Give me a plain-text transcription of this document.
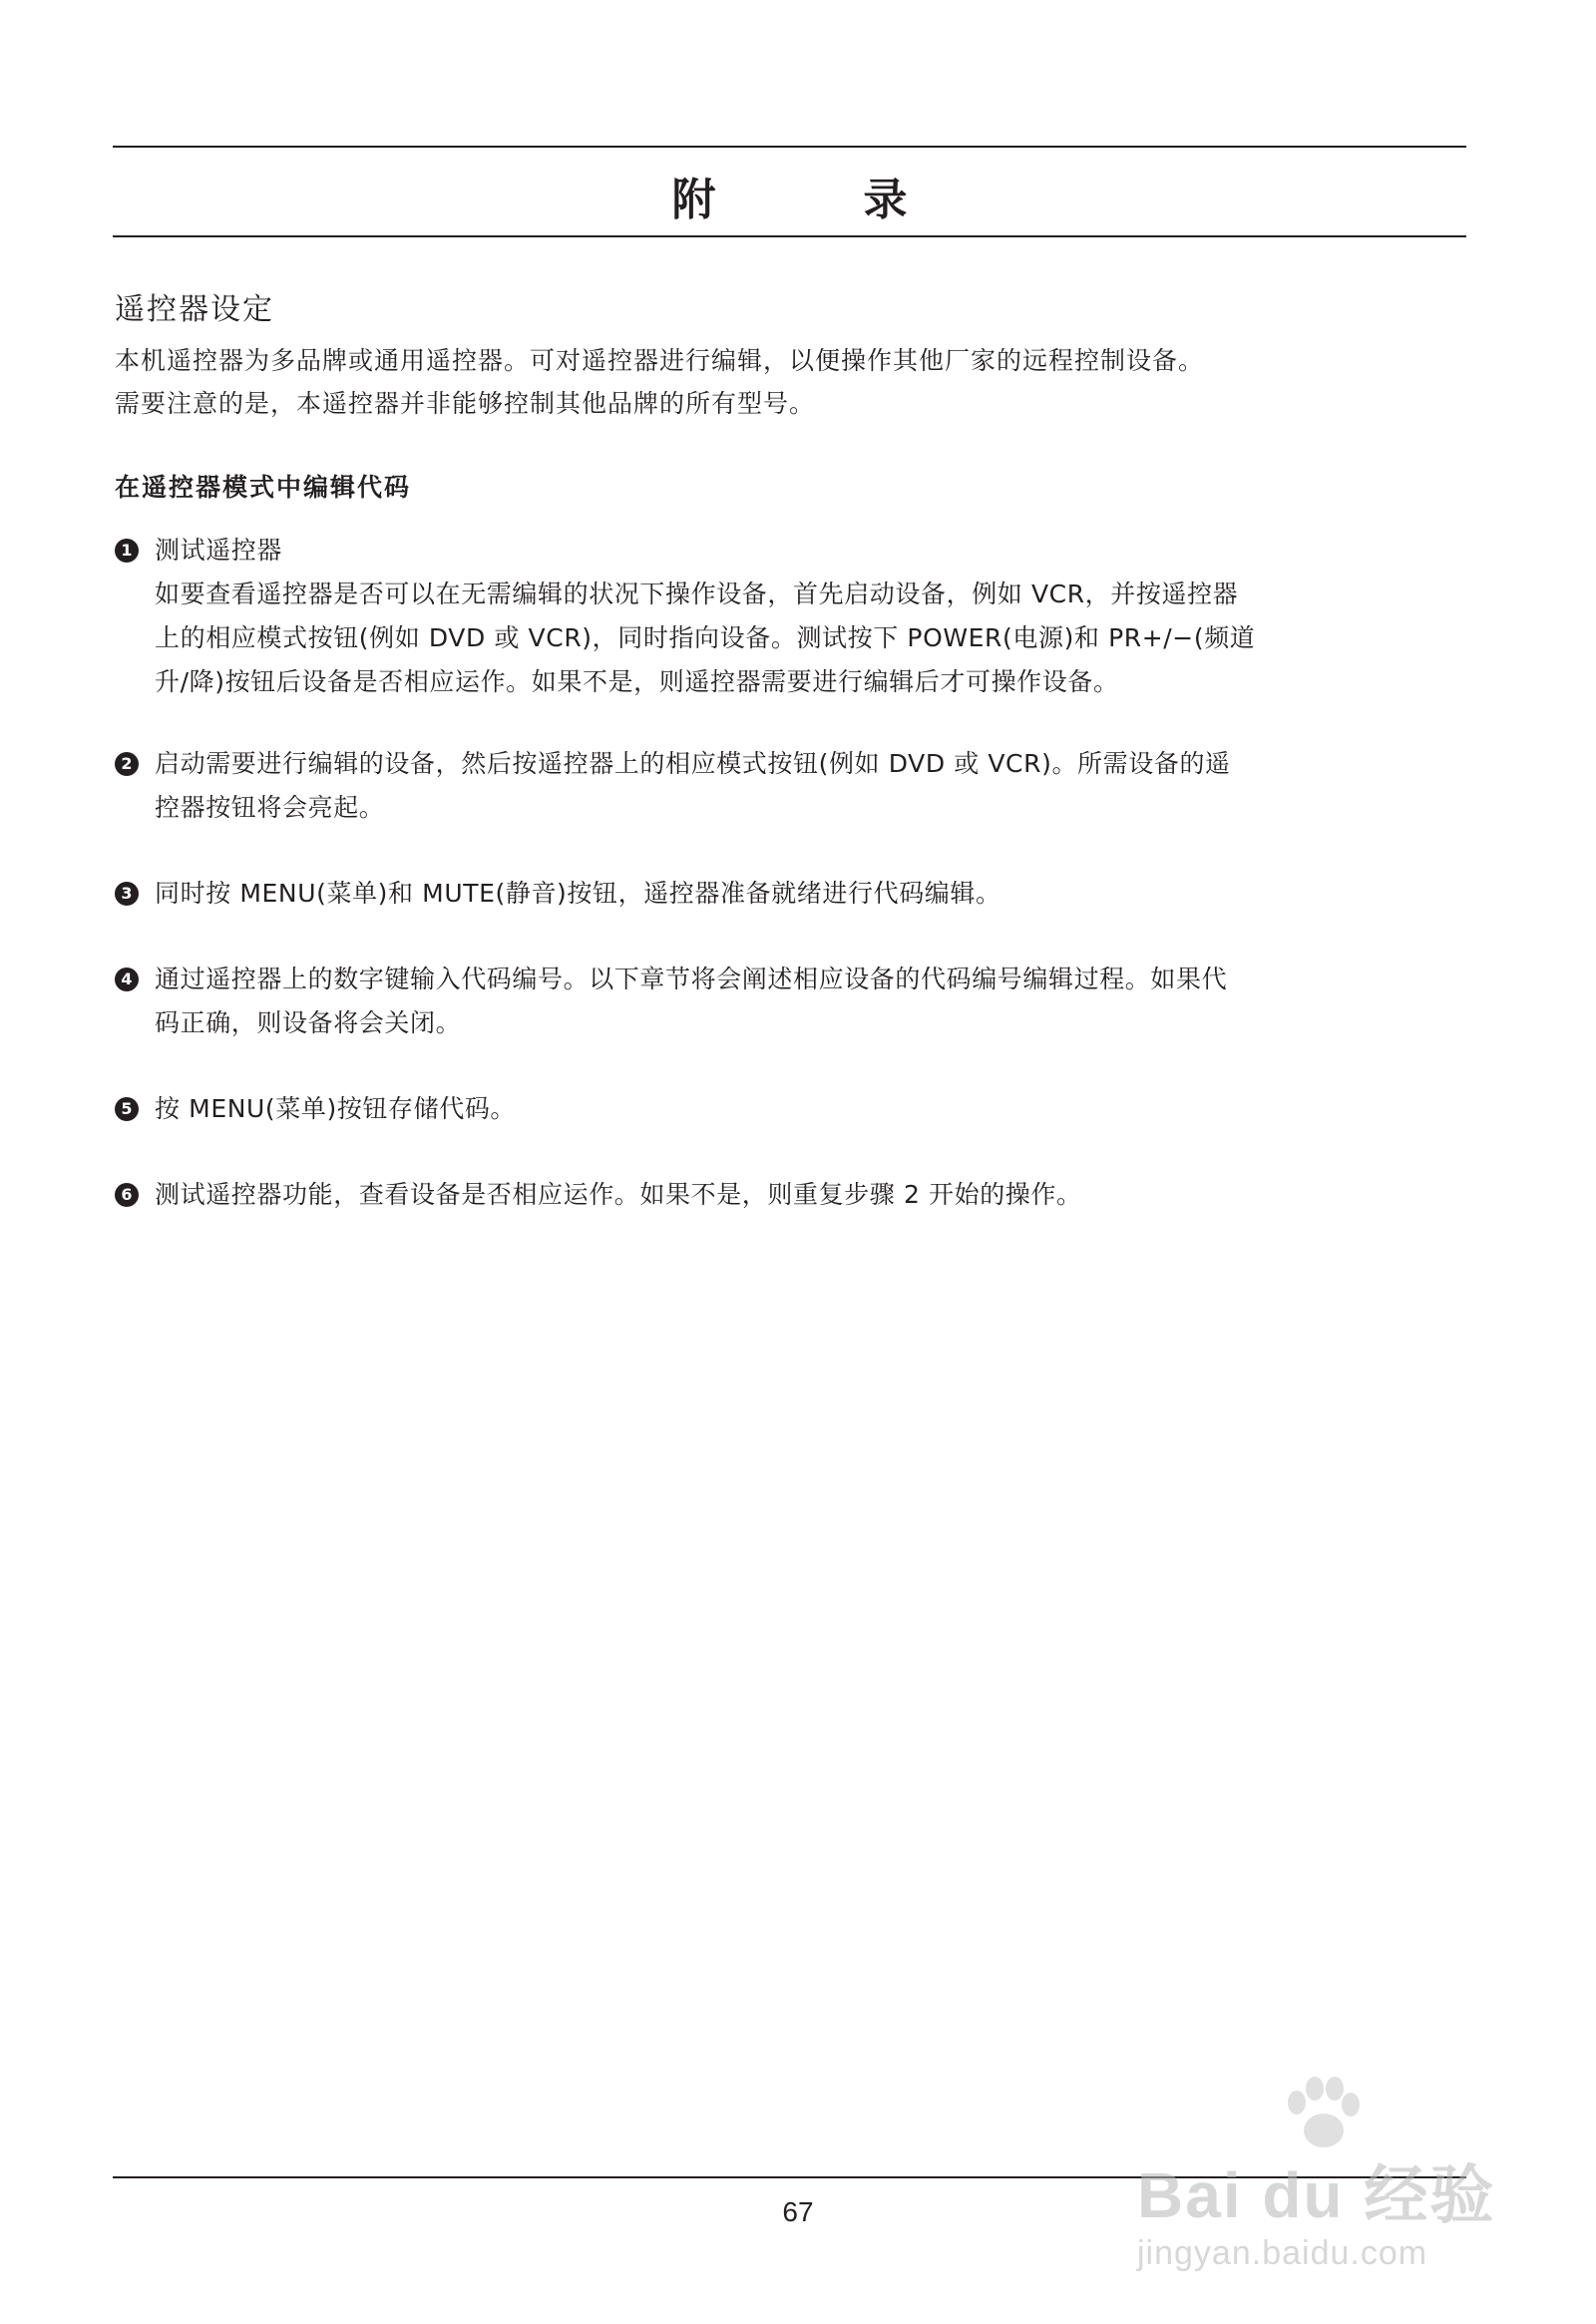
附　录
遥控器设定

本机遥控器为多品牌或通用遥控器。可对遥控器进行编辑，以便操作其他厂家的远程控制设备。

需要注意的是，本遥控器并非能够控制其他品牌的所有型号。

在遥控器模式中编辑代码
1 测试遥控器

如要查看遥控器是否可以在无需编辑的状况下操作设备，首先启动设备，例如 VCR，并按遥控器

上的相应模式按钮(例如 DVD 或 VCR)，同时指向设备。测试按下 POWER(电源)和 PR+/−(频道

升/降)按钮后设备是否相应运作。如果不是，则遥控器需要进行编辑后才可操作设备。

2 启动需要进行编辑的设备，然后按遥控器上的相应模式按钮(例如 DVD 或 VCR)。所需设备的遥

控器按钮将会亮起。

3 同时按 MENU(菜单)和 MUTE(静音)按钮，遥控器准备就绪进行代码编辑。

4 通过遥控器上的数字键输入代码编号。以下章节将会阐述相应设备的代码编号编辑过程。如果代

码正确，则设备将会关闭。

5 按 MENU(菜单)按钮存储代码。

6 测试遥控器功能，查看设备是否相应运作。如果不是，则重复步骤 2 开始的操作。

67	Bai du 经验
jingyan.baidu.com
